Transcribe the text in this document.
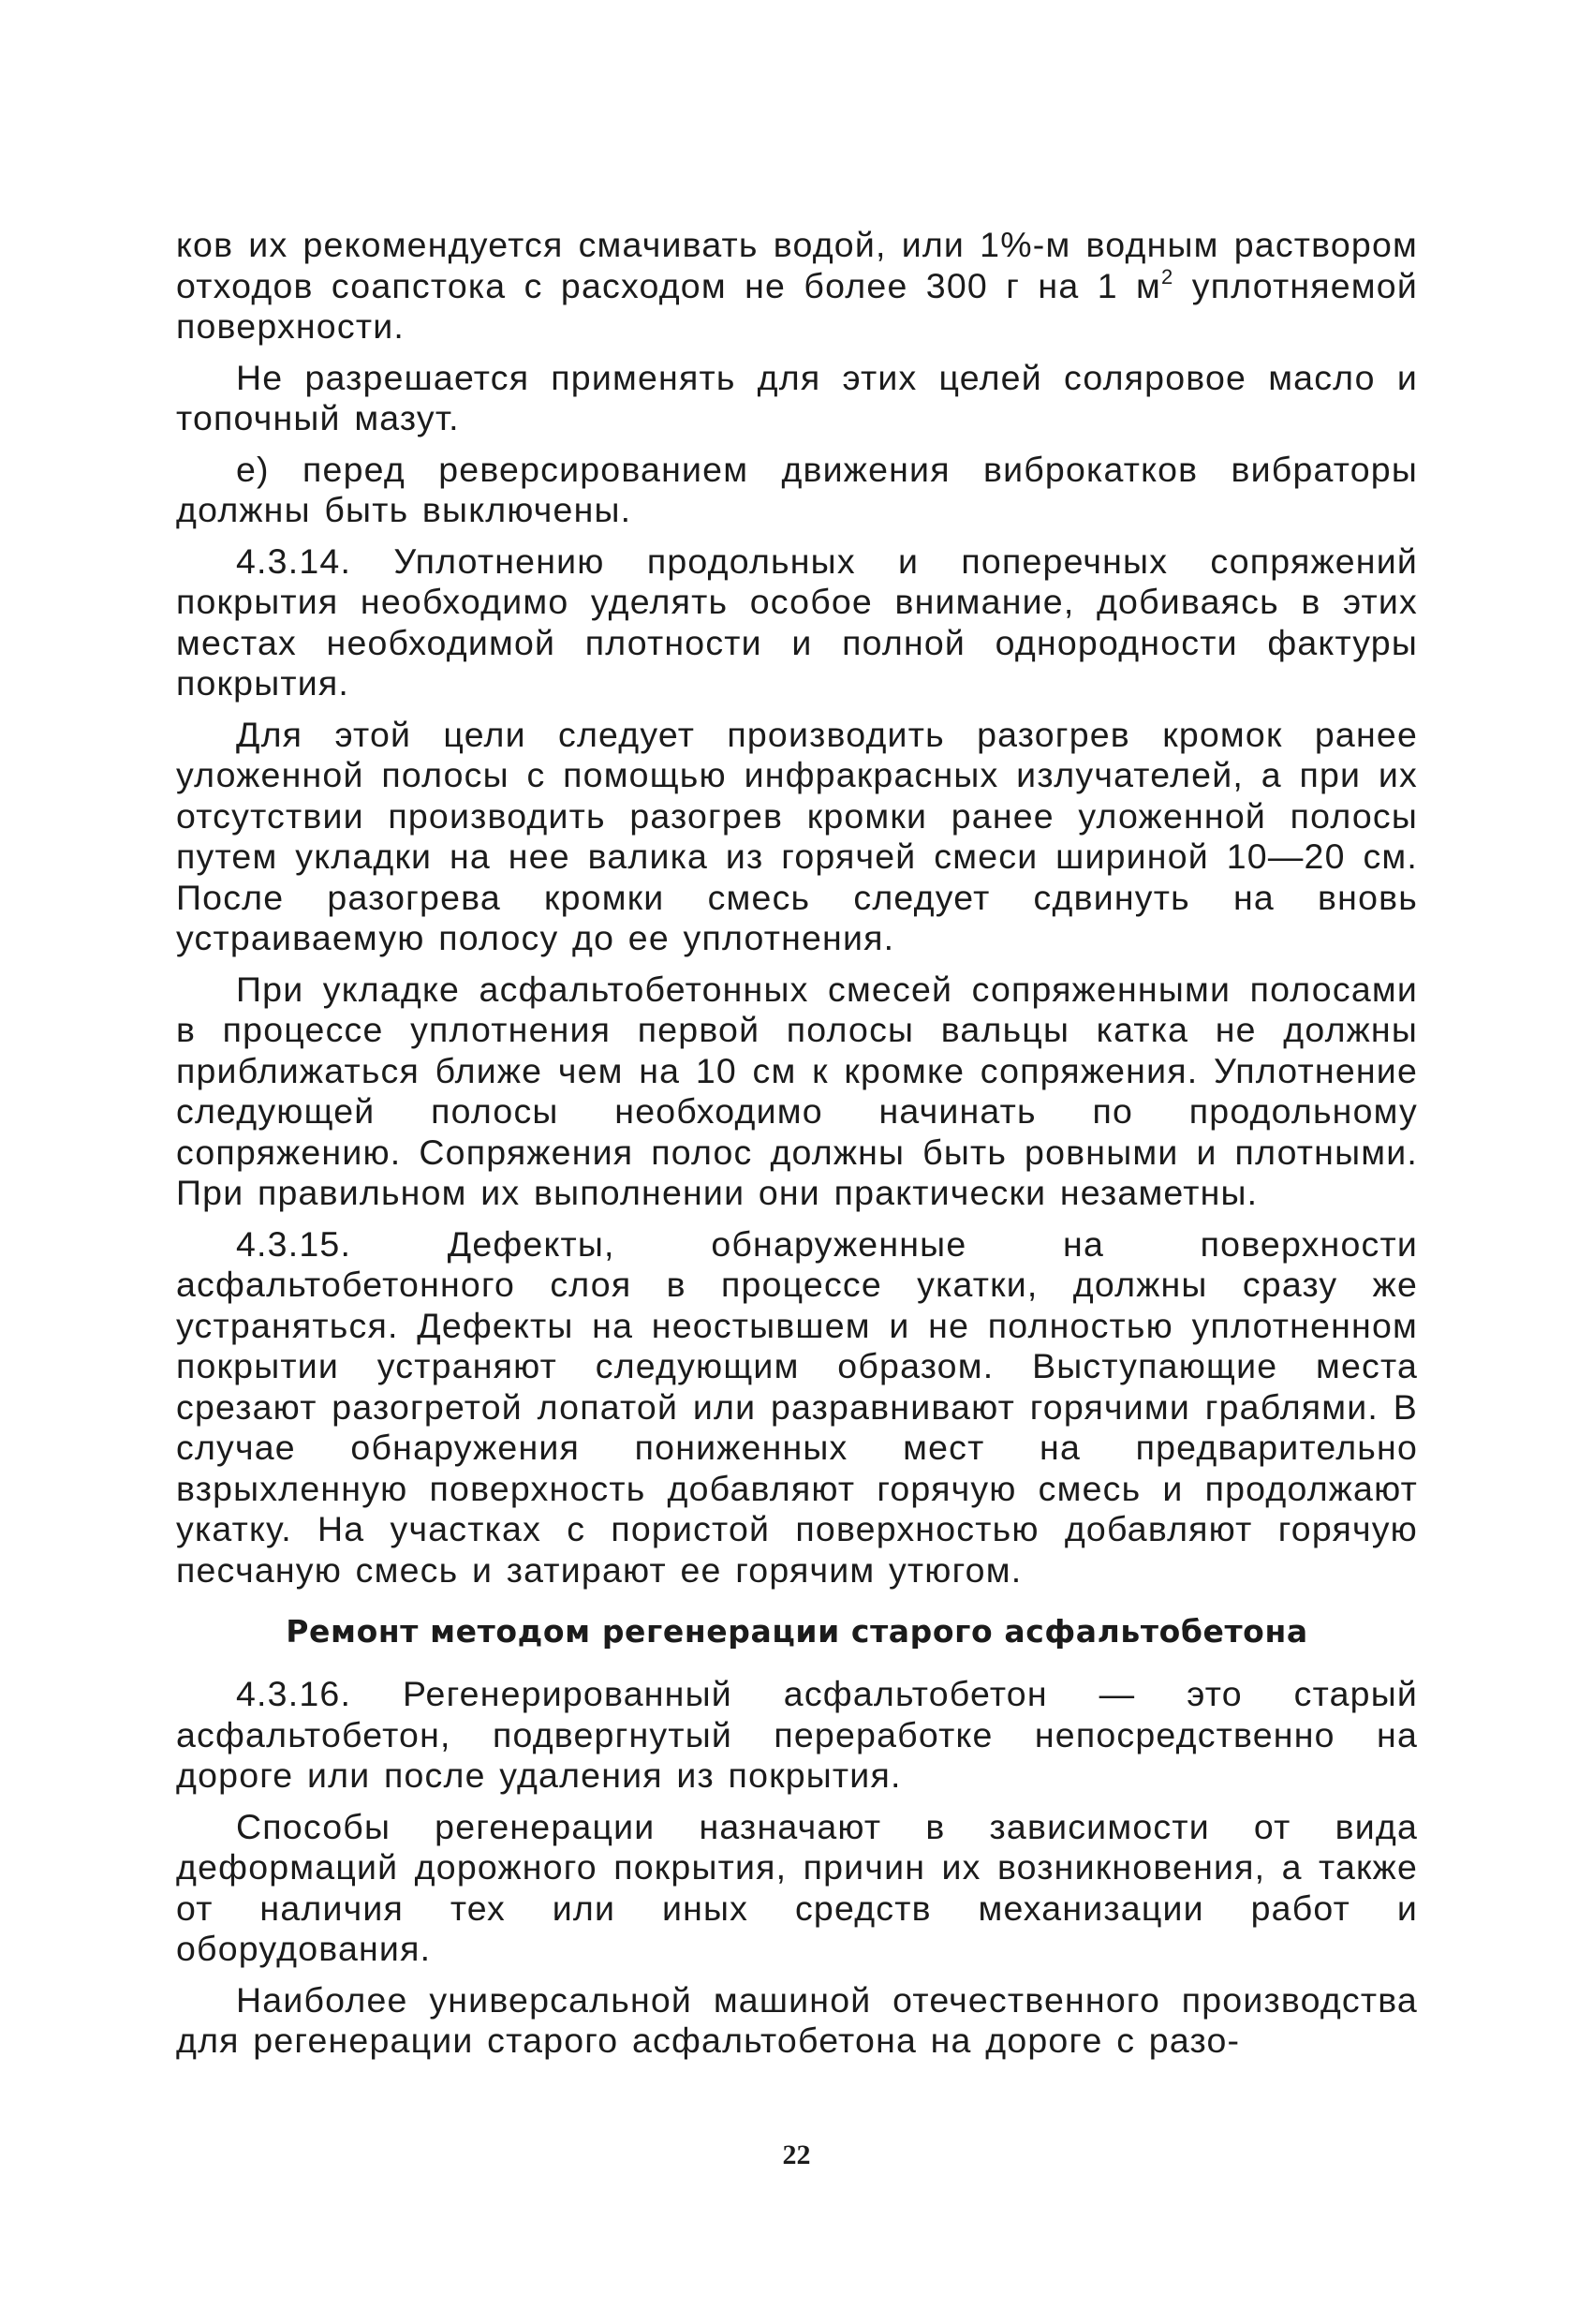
ков их рекомендуется смачивать водой, или 1%-м водным раствором отходов соапстока с расходом не более 300 г на 1 $м^2$ уплотняемой поверхности.

Не разрешается применять для этих целей соляровое масло и топочный мазут.

е) перед реверсированием движения виброкатков вибраторы должны быть выключены.

4.3.14. Уплотнению продольных и поперечных сопряжений покрытия необходимо уделять особое внимание, добиваясь в этих местах необходимой плотности и полной однородности фактуры покрытия.

Для этой цели следует производить разогрев кромок ранее уложенной полосы с помощью инфракрасных излучателей, а при их отсутствии производить разогрев кромки ранее уложенной полосы путем укладки на нее валика из горячей смеси шириной 10—20 см. После разогрева кромки смесь следует сдвинуть на вновь устраиваемую полосу до ее уплотнения.

При укладке асфальтобетонных смесей сопряженными полосами в процессе уплотнения первой полосы вальцы катка не должны приближаться ближе чем на 10 см к кромке сопряжения. Уплотнение следующей полосы необходимо начинать по продольному сопряжению. Сопряжения полос должны быть ровными и плотными. При правильном их выполнении они практически незаметны.

4.3.15. Дефекты, обнаруженные на поверхности асфальтобетонного слоя в процессе укатки, должны сразу же устраняться. Дефекты на неостывшем и не полностью уплотненном покрытии устраняют следующим образом. Выступающие места срезают разогретой лопатой или разравнивают горячими граблями. В случае обнаружения пониженных мест на предварительно взрыхленную поверхность добавляют горячую смесь и продолжают укатку. На участках с пористой поверхностью добавляют горячую песчаную смесь и затирают ее горячим утюгом.

Ремонт методом регенерации старого асфальтобетона

4.3.16. Регенерированный асфальтобетон — это старый асфальтобетон, подвергнутый переработке непосредственно на дороге или после удаления из покрытия.

Способы регенерации назначают в зависимости от вида деформаций дорожного покрытия, причин их возникновения, а также от наличия тех или иных средств механизации работ и оборудования.

Наиболее универсальной машиной отечественного производства для регенерации старого асфальтобетона на дороге с разо-

22
